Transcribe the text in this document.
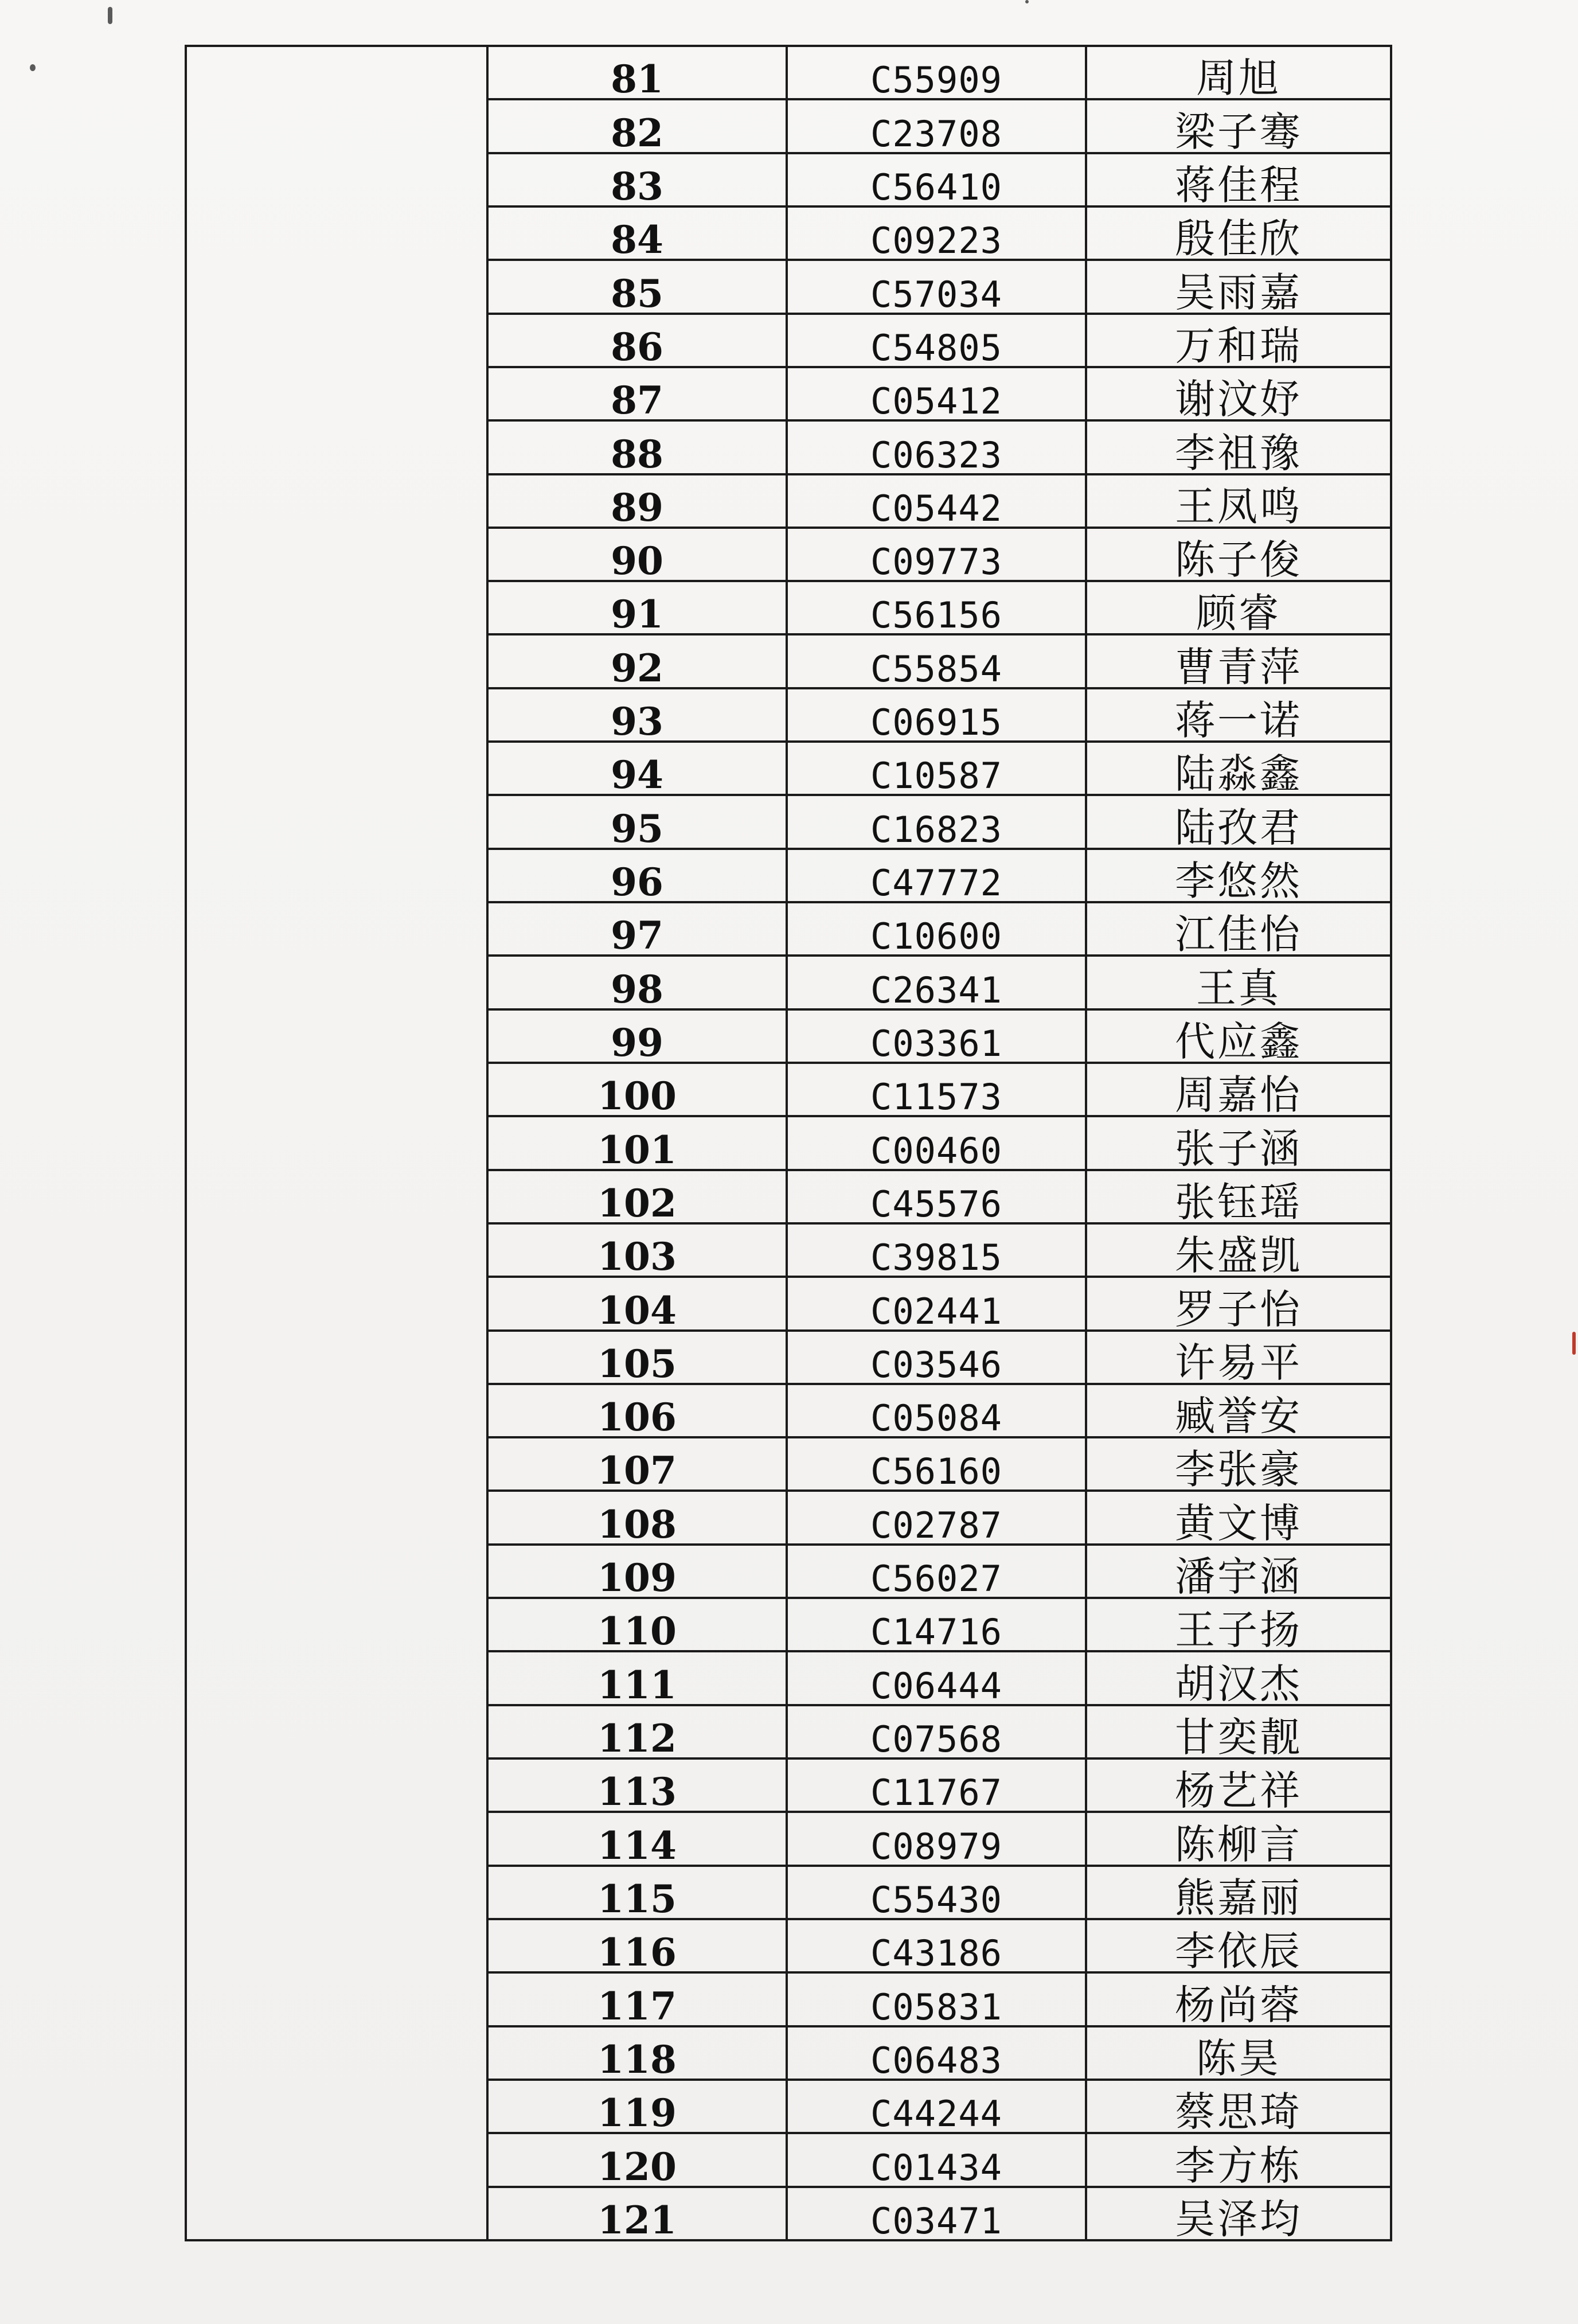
	81	C55909	周旭
	82	C23708	梁子骞
	83	C56410	蒋佳程
	84	C09223	殷佳欣
	85	C57034	吴雨嘉
	86	C54805	万和瑞
	87	C05412	谢汶妤
	88	C06323	李祖豫
	89	C05442	王凤鸣
	90	C09773	陈子俊
	91	C56156	顾睿
	92	C55854	曹青萍
	93	C06915	蒋一诺
	94	C10587	陆淼鑫
	95	C16823	陆孜君
	96	C47772	李悠然
	97	C10600	江佳怡
	98	C26341	王真
	99	C03361	代应鑫
	100	C11573	周嘉怡
	101	C00460	张子涵
	102	C45576	张钰瑶
	103	C39815	朱盛凯
	104	C02441	罗子怡
	105	C03546	许易平
	106	C05084	臧誉安
	107	C56160	李张豪
	108	C02787	黄文博
	109	C56027	潘宇涵
	110	C14716	王子扬
	111	C06444	胡汉杰
	112	C07568	甘奕靓
	113	C11767	杨艺祥
	114	C08979	陈柳言
	115	C55430	熊嘉丽
	116	C43186	李依辰
	117	C05831	杨尚蓉
	118	C06483	陈昊
	119	C44244	蔡思琦
	120	C01434	李方栋
	121	C03471	吴泽均
